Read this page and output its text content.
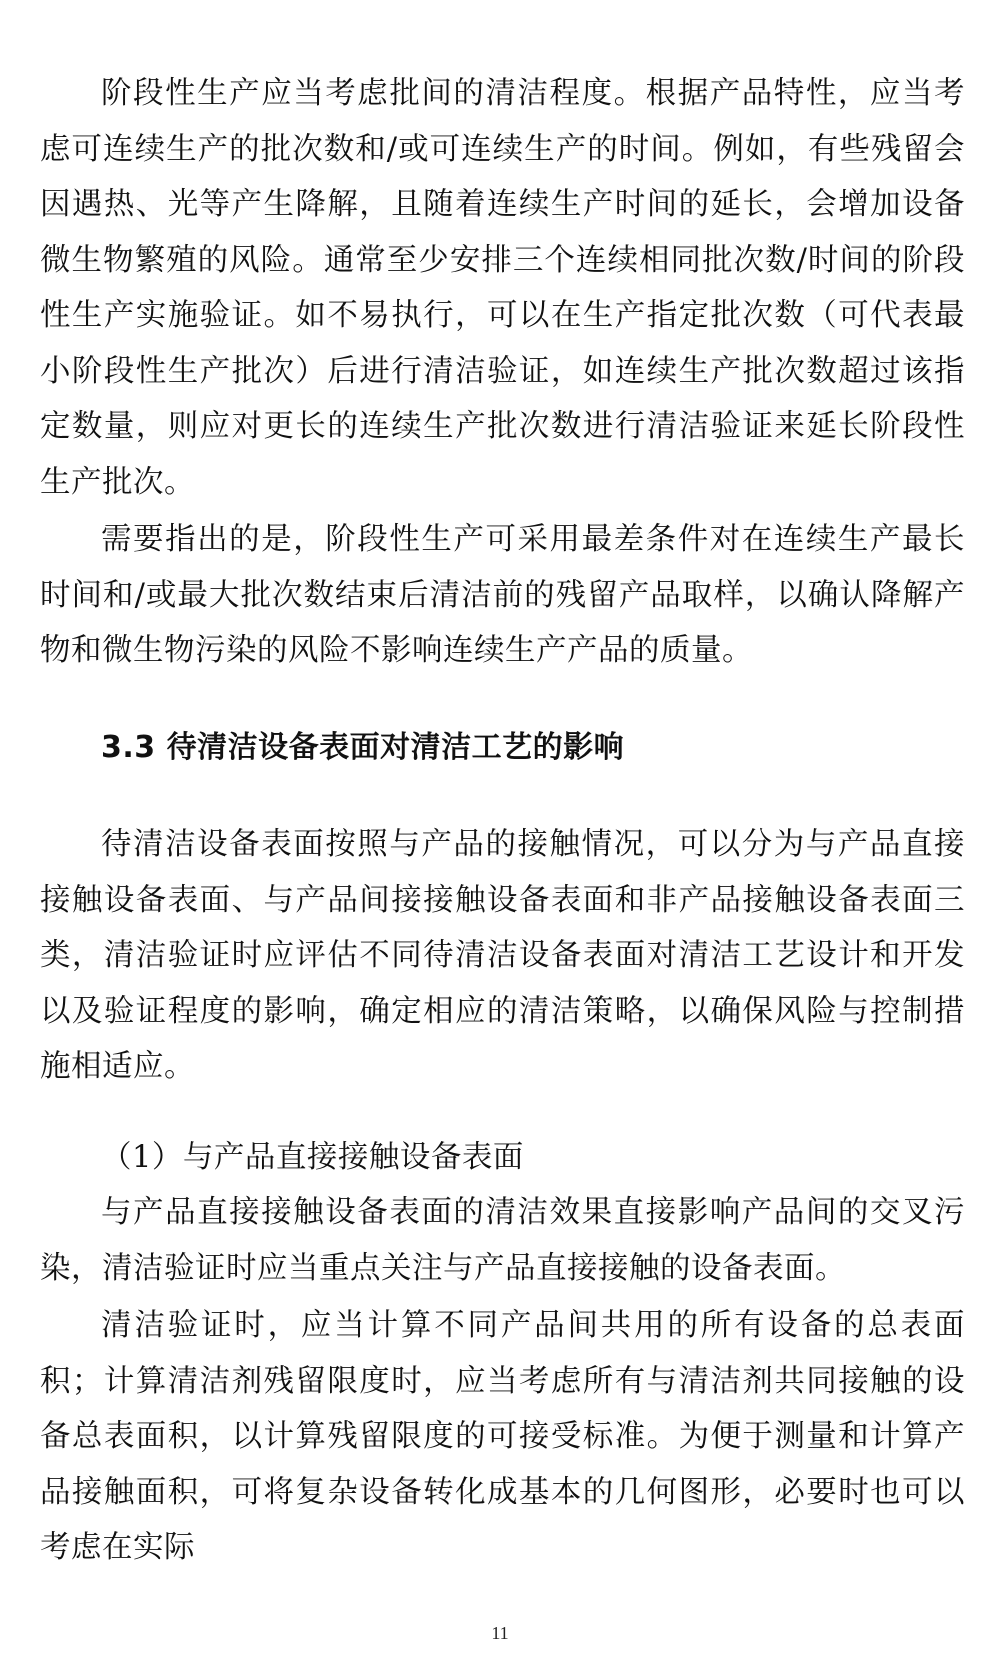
阶段性生产应当考虑批间的清洁程度。根据产品特性，应当考虑可连续生产的批次数和/或可连续生产的时间。例如，有些残留会因遇热、光等产生降解，且随着连续生产时间的延长，会增加设备微生物繁殖的风险。通常至少安排三个连续相同批次数/时间的阶段性生产实施验证。如不易执行，可以在生产指定批次数（可代表最小阶段性生产批次）后进行清洁验证，如连续生产批次数超过该指定数量，则应对更长的连续生产批次数进行清洁验证来延长阶段性生产批次。

需要指出的是，阶段性生产可采用最差条件对在连续生产最长时间和/或最大批次数结束后清洁前的残留产品取样，以确认降解产物和微生物污染的风险不影响连续生产产品的质量。

3.3 待清洁设备表面对清洁工艺的影响

待清洁设备表面按照与产品的接触情况，可以分为与产品直接接触设备表面、与产品间接接触设备表面和非产品接触设备表面三类，清洁验证时应评估不同待清洁设备表面对清洁工艺设计和开发以及验证程度的影响，确定相应的清洁策略，以确保风险与控制措施相适应。

（1）与产品直接接触设备表面

与产品直接接触设备表面的清洁效果直接影响产品间的交叉污染，清洁验证时应当重点关注与产品直接接触的设备表面。

清洁验证时，应当计算不同产品间共用的所有设备的总表面积；计算清洁剂残留限度时，应当考虑所有与清洁剂共同接触的设备总表面积，以计算残留限度的可接受标准。为便于测量和计算产品接触面积，可将复杂设备转化成基本的几何图形，必要时也可以考虑在实际

11
